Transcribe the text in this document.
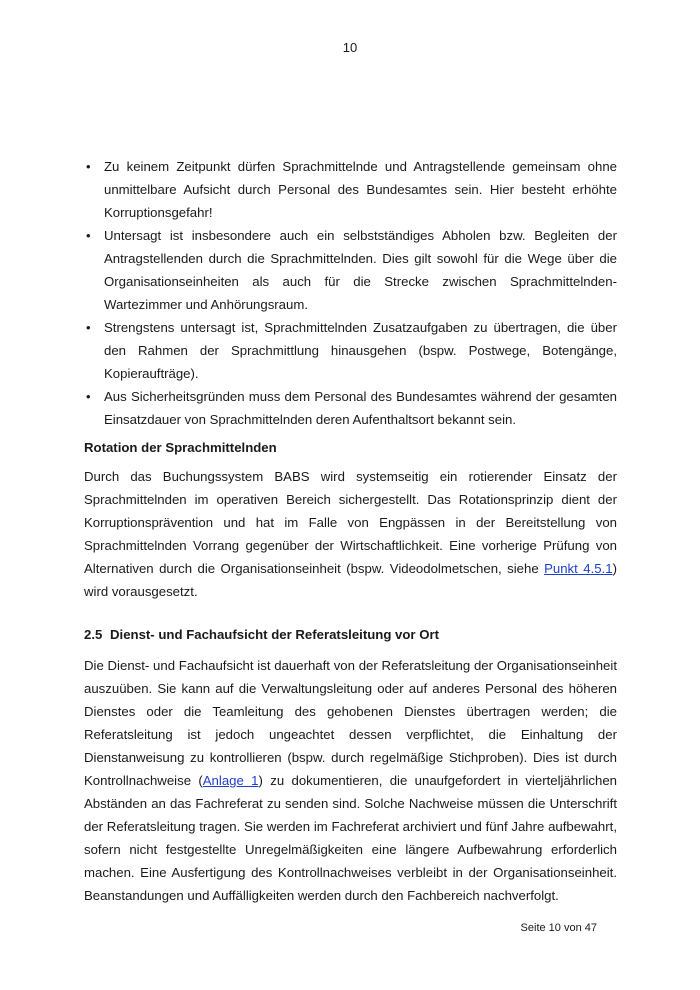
10
• Zu keinem Zeitpunkt dürfen Sprachmittelnde und Antragstellende gemeinsam ohne unmittelbare Aufsicht durch Personal des Bundesamtes sein. Hier besteht erhöhte Korruptionsgefahr!
• Untersagt ist insbesondere auch ein selbstständiges Abholen bzw. Begleiten der Antragstellenden durch die Sprachmittelnden. Dies gilt sowohl für die Wege über die Organisationseinheiten als auch für die Strecke zwischen Sprachmittelnden-Wartezimmer und Anhörungsraum.
• Strengstens untersagt ist, Sprachmittelnden Zusatzaufgaben zu übertragen, die über den Rahmen der Sprachmittlung hinausgehen (bspw. Postwege, Botengänge, Kopieraufträge).
• Aus Sicherheitsgründen muss dem Personal des Bundesamtes während der gesamten Einsatzdauer von Sprachmittelnden deren Aufenthaltsort bekannt sein.
Rotation der Sprachmittelnden

Durch das Buchungssystem BABS wird systemseitig ein rotierender Einsatz der Sprachmittelnden im operativen Bereich sichergestellt. Das Rotationsprinzip dient der Korruptionsprävention und hat im Falle von Engpässen in der Bereitstellung von Sprachmittelnden Vorrang gegenüber der Wirtschaftlichkeit. Eine vorherige Prüfung von Alternativen durch die Organisationseinheit (bspw. Videodolmetschen, siehe Punkt 4.5.1) wird vorausgesetzt.

2.5 Dienst- und Fachaufsicht der Referatsleitung vor Ort

Die Dienst- und Fachaufsicht ist dauerhaft von der Referatsleitung der Organisationseinheit auszuüben. Sie kann auf die Verwaltungsleitung oder auf anderes Personal des höheren Dienstes oder die Teamleitung des gehobenen Dienstes übertragen werden; die Referatsleitung ist jedoch ungeachtet dessen verpflichtet, die Einhaltung der Dienstanweisung zu kontrollieren (bspw. durch regelmäßige Stichproben). Dies ist durch Kontrollnachweise (Anlage 1) zu dokumentieren, die unaufgefordert in vierteljährlichen Abständen an das Fachreferat zu senden sind. Solche Nachweise müssen die Unterschrift der Referatsleitung tragen. Sie werden im Fachreferat archiviert und fünf Jahre aufbewahrt, sofern nicht festgestellte Unregelmäßigkeiten eine längere Aufbewahrung erforderlich machen. Eine Ausfertigung des Kontrollnachweises verbleibt in der Organisationseinheit. Beanstandungen und Auffälligkeiten werden durch den Fachbereich nachverfolgt.

Seite 10 von 47
